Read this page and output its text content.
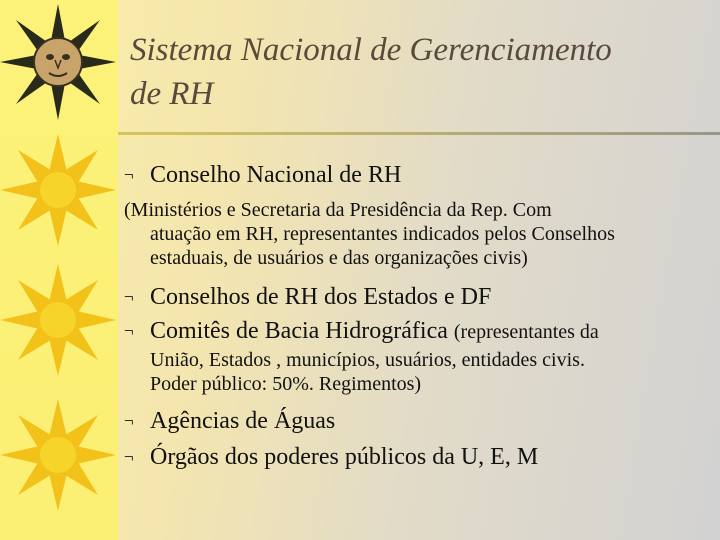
Sistema Nacional de Gerenciamento
de RH
¬ Conselho Nacional de RH
(Ministérios e Secretaria da Presidência da Rep. Com
atuação em RH, representantes indicados pelos Conselhos
estaduais, de usuários e das organizações civis)
¬ Conselhos de RH dos Estados e DF
¬ Comitês de Bacia Hidrográfica (representantes da
União, Estados , municípios, usuários, entidades civis.
Poder público: 50%. Regimentos)
¬ Agências de Águas
¬ Órgãos dos poderes públicos da U, E, M
